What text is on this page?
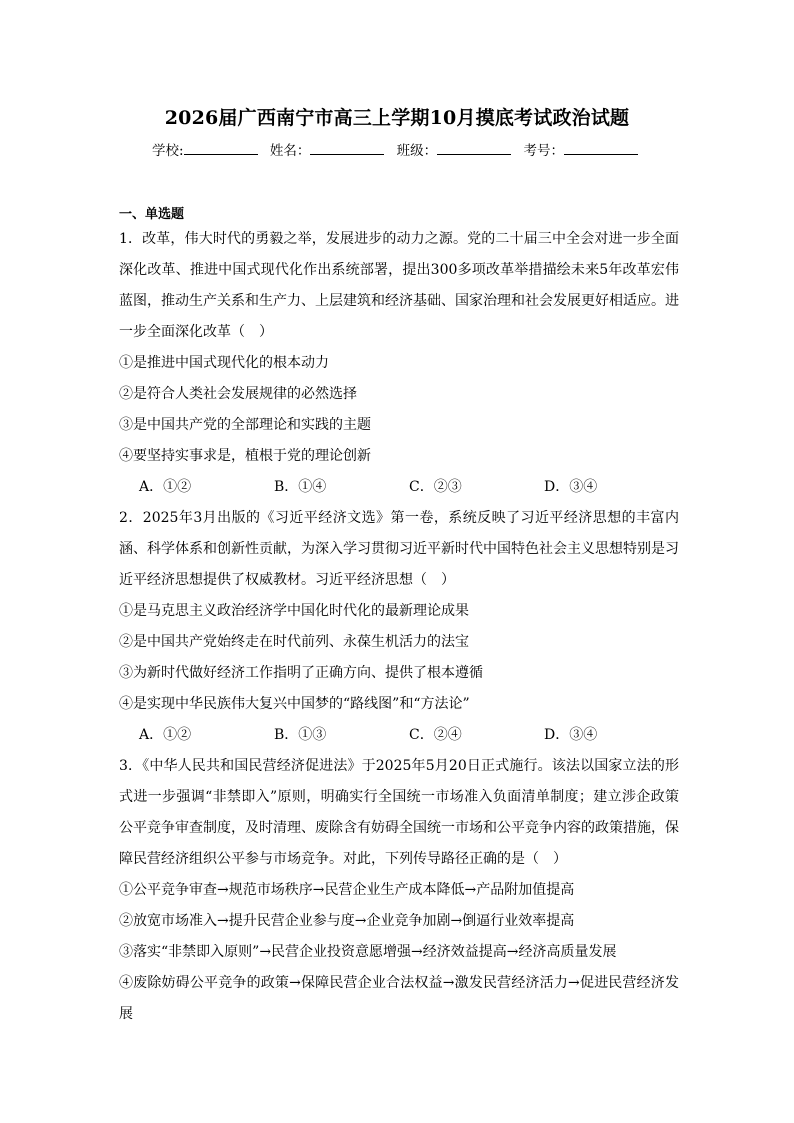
2026届广西南宁市高三上学期10月摸底考试政治试题
学校:	姓名：	班级：	考号：
一、单选题

1．改革，伟大时代的勇毅之举，发展进步的动力之源。党的二十届三中全会对进一步全面深化改革、推进中国式现代化作出系统部署，提出300多项改革举措描绘未来5年改革宏伟蓝图，推动生产关系和生产力、上层建筑和经济基础、国家治理和社会发展更好相适应。进一步全面深化改革（　）

①是推进中国式现代化的根本动力

②是符合人类社会发展规律的必然选择

③是中国共产党的全部理论和实践的主题

④要坚持实事求是，植根于党的理论创新

A．①②	B．①④	C．②③	D．③④

2．2025年3月出版的《习近平经济文选》第一卷，系统反映了习近平经济思想的丰富内涵、科学体系和创新性贡献，为深入学习贯彻习近平新时代中国特色社会主义思想特别是习近平经济思想提供了权威教材。习近平经济思想（　）

①是马克思主义政治经济学中国化时代化的最新理论成果

②是中国共产党始终走在时代前列、永葆生机活力的法宝

③为新时代做好经济工作指明了正确方向、提供了根本遵循

④是实现中华民族伟大复兴中国梦的“路线图”和“方法论”

A．①②	B．①③	C．②④	D．③④

3．《中华人民共和国民营经济促进法》于2025年5月20日正式施行。该法以国家立法的形式进一步强调“非禁即入”原则，明确实行全国统一市场准入负面清单制度；建立涉企政策公平竞争审查制度，及时清理、废除含有妨碍全国统一市场和公平竞争内容的政策措施，保障民营经济组织公平参与市场竞争。对此，下列传导路径正确的是（　）

①公平竞争审查→规范市场秩序→民营企业生产成本降低→产品附加值提高

②放宽市场准入→提升民营企业参与度→企业竞争加剧→倒逼行业效率提高

③落实“非禁即入原则”→民营企业投资意愿增强→经济效益提高→经济高质量发展

④废除妨碍公平竞争的政策→保障民营企业合法权益→激发民营经济活力→促进民营经济发展
